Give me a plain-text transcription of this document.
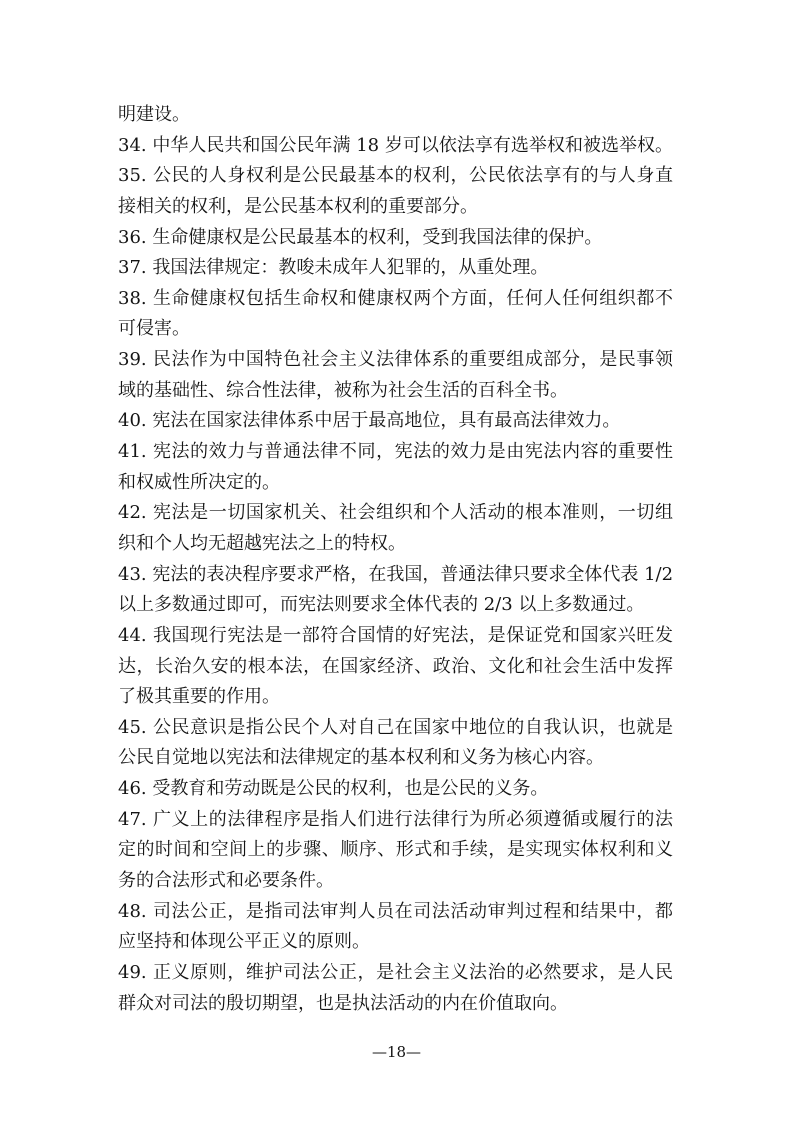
明建设。
34. 中华人民共和国公民年满 18 岁可以依法享有选举权和被选举权。
35. 公民的人身权利是公民最基本的权利，公民依法享有的与人身直
接相关的权利，是公民基本权利的重要部分。
36. 生命健康权是公民最基本的权利，受到我国法律的保护。
37. 我国法律规定：教唆未成年人犯罪的，从重处理。
38. 生命健康权包括生命权和健康权两个方面，任何人任何组织都不
可侵害。
39. 民法作为中国特色社会主义法律体系的重要组成部分，是民事领
域的基础性、综合性法律，被称为社会生活的百科全书。
40. 宪法在国家法律体系中居于最高地位，具有最高法律效力。
41. 宪法的效力与普通法律不同，宪法的效力是由宪法内容的重要性
和权威性所决定的。
42. 宪法是一切国家机关、社会组织和个人活动的根本准则，一切组
织和个人均无超越宪法之上的特权。
43. 宪法的表决程序要求严格，在我国，普通法律只要求全体代表 1/2
以上多数通过即可，而宪法则要求全体代表的 2/3 以上多数通过。
44. 我国现行宪法是一部符合国情的好宪法，是保证党和国家兴旺发
达，长治久安的根本法，在国家经济、政治、文化和社会生活中发挥
了极其重要的作用。
45. 公民意识是指公民个人对自己在国家中地位的自我认识，也就是
公民自觉地以宪法和法律规定的基本权利和义务为核心内容。
46. 受教育和劳动既是公民的权利，也是公民的义务。
47. 广义上的法律程序是指人们进行法律行为所必须遵循或履行的法
定的时间和空间上的步骤、顺序、形式和手续，是实现实体权利和义
务的合法形式和必要条件。
48. 司法公正，是指司法审判人员在司法活动审判过程和结果中，都
应坚持和体现公平正义的原则。
49. 正义原则，维护司法公正，是社会主义法治的必然要求，是人民
群众对司法的殷切期望，也是执法活动的内在价值取向。
—18—
